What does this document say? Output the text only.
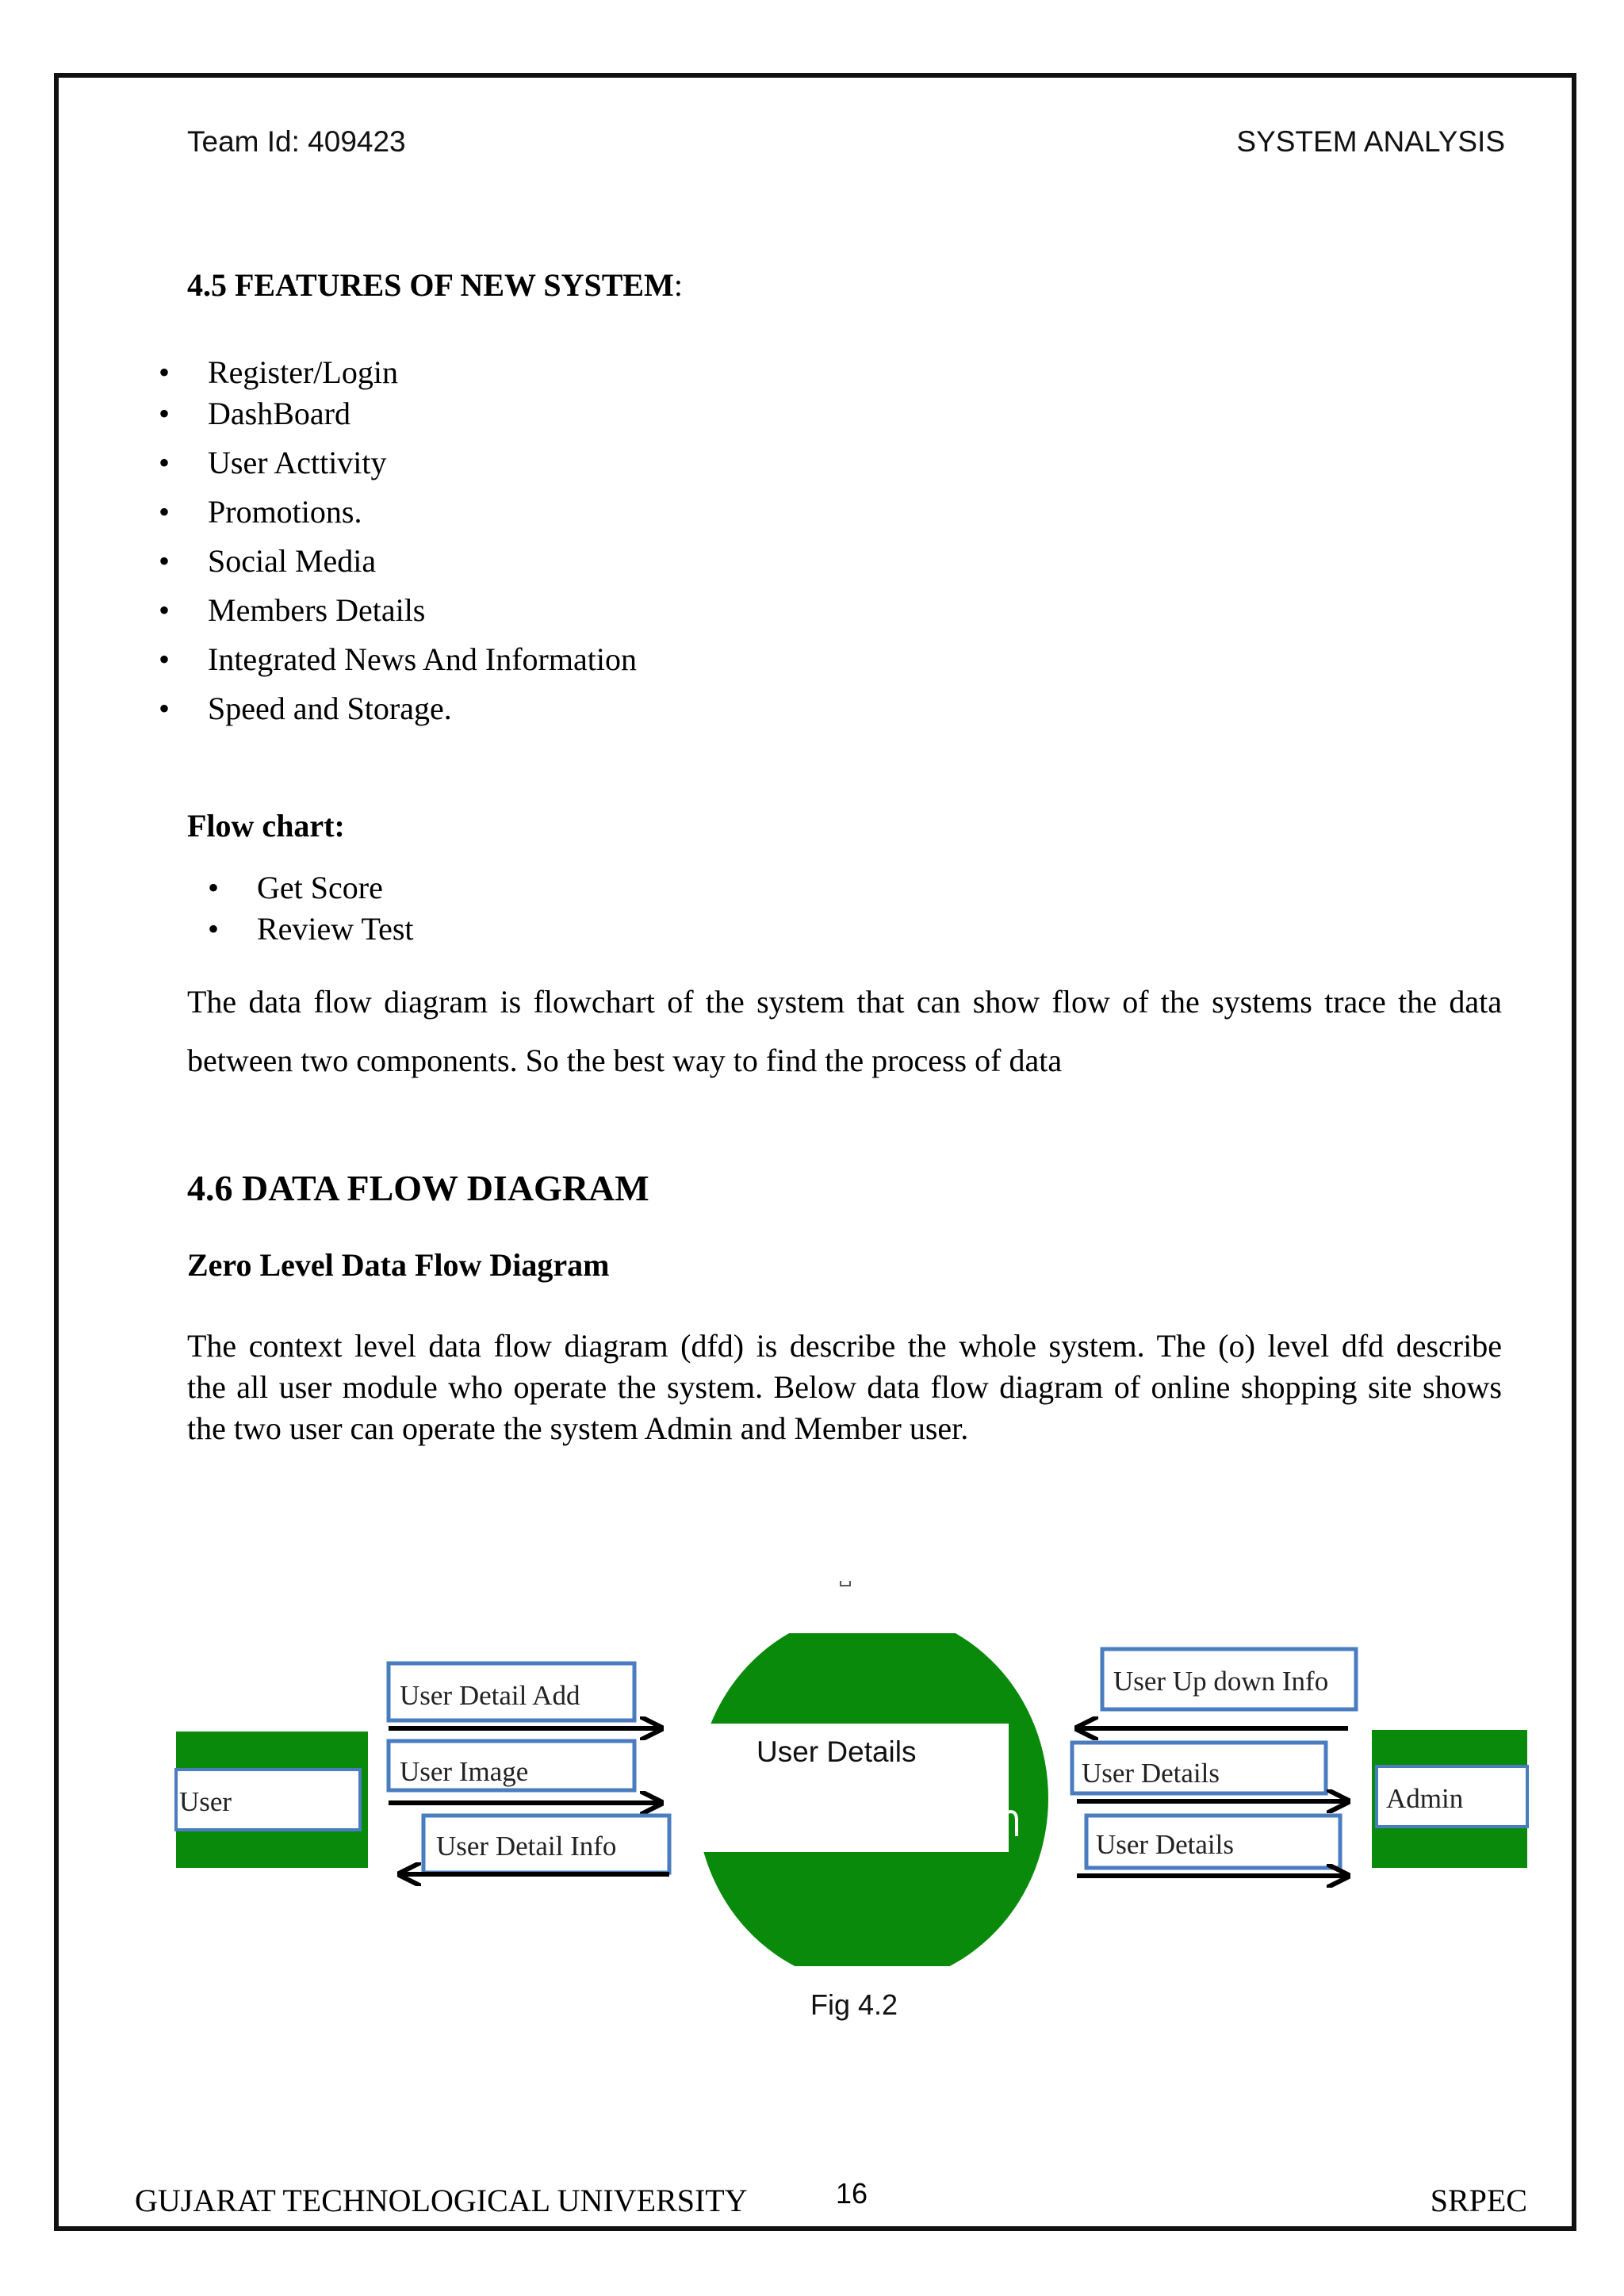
Team Id: 409423	SYSTEM ANALYSIS
4.5 FEATURES OF NEW SYSTEM:
• Register/Login
• DashBoard
• User Acttivity
• Promotions.
• Social Media
• Members Details
• Integrated News And Information
• Speed and Storage.
Flow chart:
• Get Score
• Review Test
The data flow diagram is flowchart of the system that can show flow of the systems trace the data
between two components. So the best way to find the process of data
4.6 DATA FLOW DIAGRAM
Zero Level Data Flow Diagram
The context level data flow diagram (dfd) is describe the whole system. The (o) level dfd describe
the all user module who operate the system. Below data flow diagram of online shopping site shows
the two user can operate the system Admin and Member user.
User	Admin
User Details
User Detail Add
User Image
User Detail Info
User Up down Info
User Details
User Details
Fig 4.2
GUJARAT TECHNOLOGICAL UNIVERSITY	16	SRPEC
